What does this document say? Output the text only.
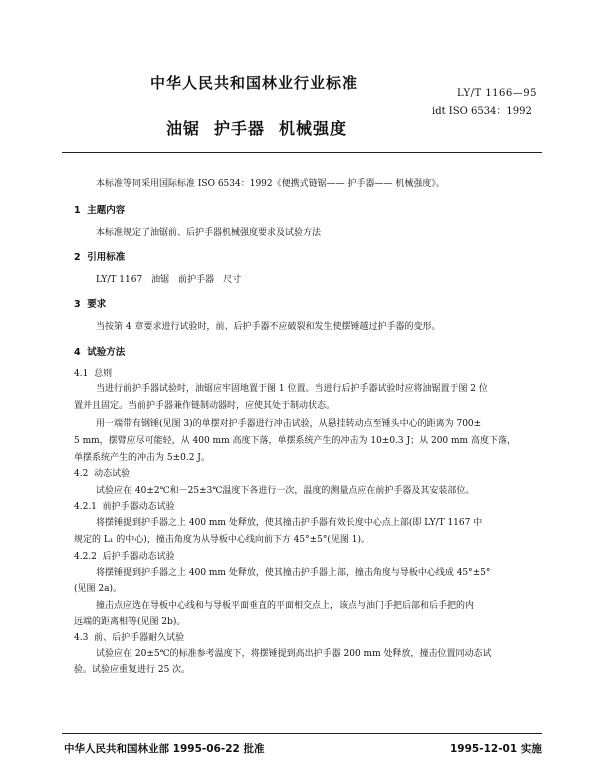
中华人民共和国林业行业标准
LY/T 1166—95
idt ISO 6534：1992
油锯 护手器 机械强度
本标准等同采用国际标准 ISO 6534：1992《便携式链锯—— 护手器—— 机械强度》。
1 主题内容
本标准规定了油锯前、后护手器机械强度要求及试验方法
2 引用标准
LY/T 1167　油锯　前护手器　尺寸
3 要求
当按第 4 章要求进行试验时，前、后护手器不应破裂和发生使摆锤越过护手器的变形。
4 试验方法
4.1 总则
当进行前护手器试验时，油锯应牢固地置于图 1 位置。当进行后护手器试验时应将油锯置于图 2 位
置并且固定。当前护手器兼作链制动器时，应使其处于制动状态。
用一端带有钢锤(见图 3)的单摆对护手器进行冲击试验，从悬挂转动点至锤头中心的距离为 700±
5 mm，摆臂应尽可能轻，从 400 mm 高度下落，单摆系统产生的冲击为 10±0.3 J；从 200 mm 高度下落，
单摆系统产生的冲击为 5±0.2 J。
4.2 动态试验
试验应在 40±2℃和－25±3℃温度下各进行一次，温度的测量点应在前护手器及其安装部位。
4.2.1 前护手器动态试验
将摆锤提到护手器之上 400 mm 处释放，使其撞击护手器有效长度中心点上部(即 LY/T 1167 中
规定的 L₁ 的中心)，撞击角度为从导板中心线向前下方 45°±5°(见图 1)。
4.2.2 后护手器动态试验
将摆锤提到护手器之上 400 mm 处释放，使其撞击护手器上部，撞击角度与导板中心线成 45°±5°
(见图 2a)。
撞击点应选在导板中心线和与导板平面垂直的平面相交点上，该点与油门手把后部和后手把的内
远端的距离相等(见图 2b)。
4.3 前、后护手器耐久试验
试验应在 20±5℃的标准参考温度下，将摆锤提到高出护手器 200 mm 处释放，撞击位置同动态试
验。试验应重复进行 25 次。
中华人民共和国林业部 1995-06-22 批准	1995-12-01 实施
